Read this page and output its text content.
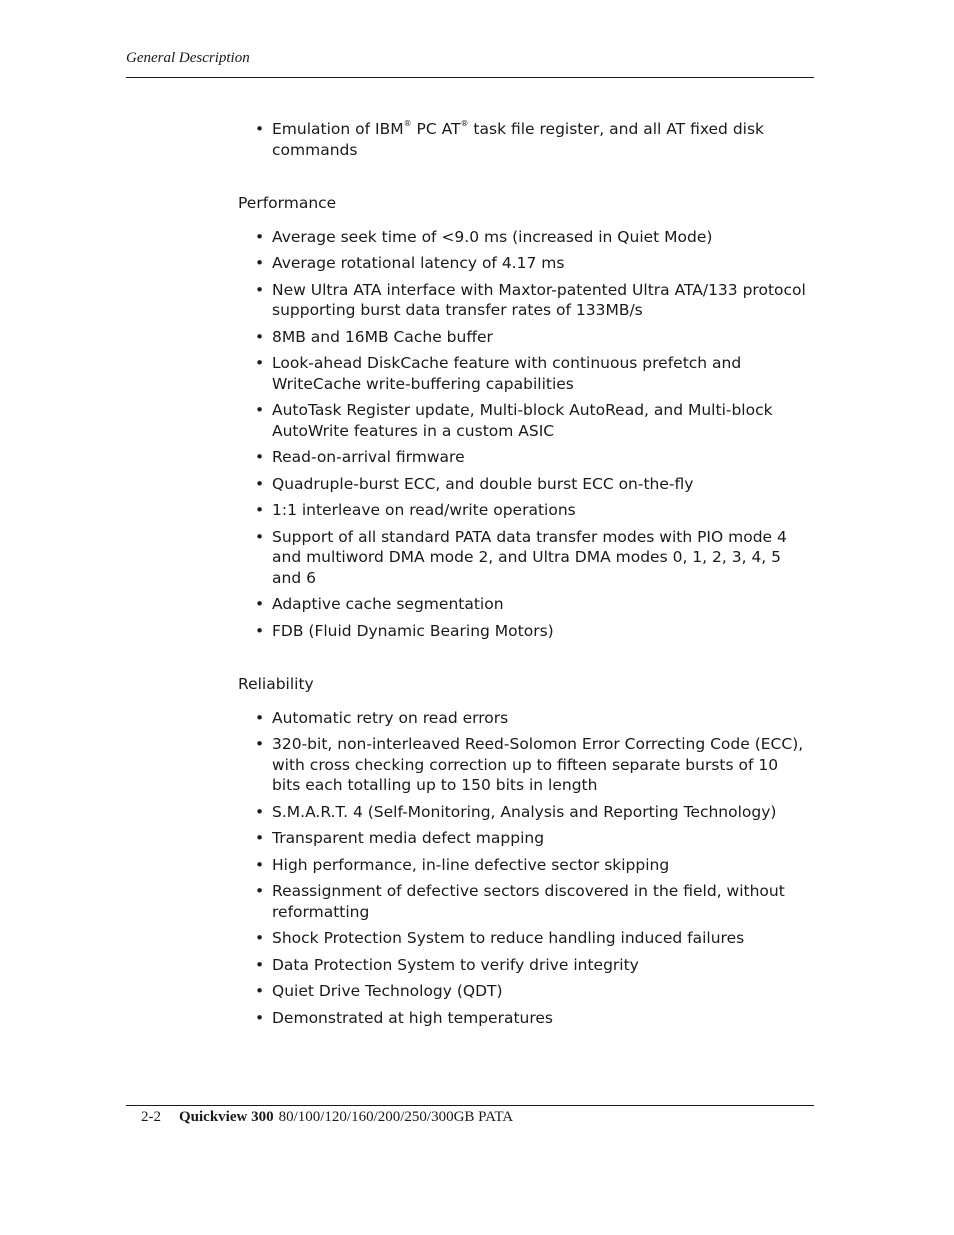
General Description
• Emulation of IBM® PC AT® task file register, and all AT fixed disk commands
Performance
• Average seek time of <9.0 ms (increased in Quiet Mode)
• Average rotational latency of 4.17 ms
• New Ultra ATA interface with Maxtor-patented Ultra ATA/133 protocol supporting burst data transfer rates of 133MB/s
• 8MB and 16MB Cache buffer
• Look-ahead DiskCache feature with continuous prefetch and WriteCache write-buffering capabilities
• AutoTask Register update, Multi-block AutoRead, and Multi-block AutoWrite features in a custom ASIC
• Read-on-arrival firmware
• Quadruple-burst ECC, and double burst ECC on-the-fly
• 1:1 interleave on read/write operations
• Support of all standard PATA data transfer modes with PIO mode 4 and multiword DMA mode 2, and Ultra DMA modes 0, 1, 2, 3, 4, 5 and 6
• Adaptive cache segmentation
• FDB (Fluid Dynamic Bearing Motors)
Reliability
• Automatic retry on read errors
• 320-bit, non-interleaved Reed-Solomon Error Correcting Code (ECC), with cross checking correction up to fifteen separate bursts of 10 bits each totalling up to 150 bits in length
• S.M.A.R.T. 4 (Self-Monitoring, Analysis and Reporting Technology)
• Transparent media defect mapping
• High performance, in-line defective sector skipping
• Reassignment of defective sectors discovered in the field, without reformatting
• Shock Protection System to reduce handling induced failures
• Data Protection System to verify drive integrity
• Quiet Drive Technology (QDT)
• Demonstrated at high temperatures
2-2 Quickview 300 80/100/120/160/200/250/300GB PATA
